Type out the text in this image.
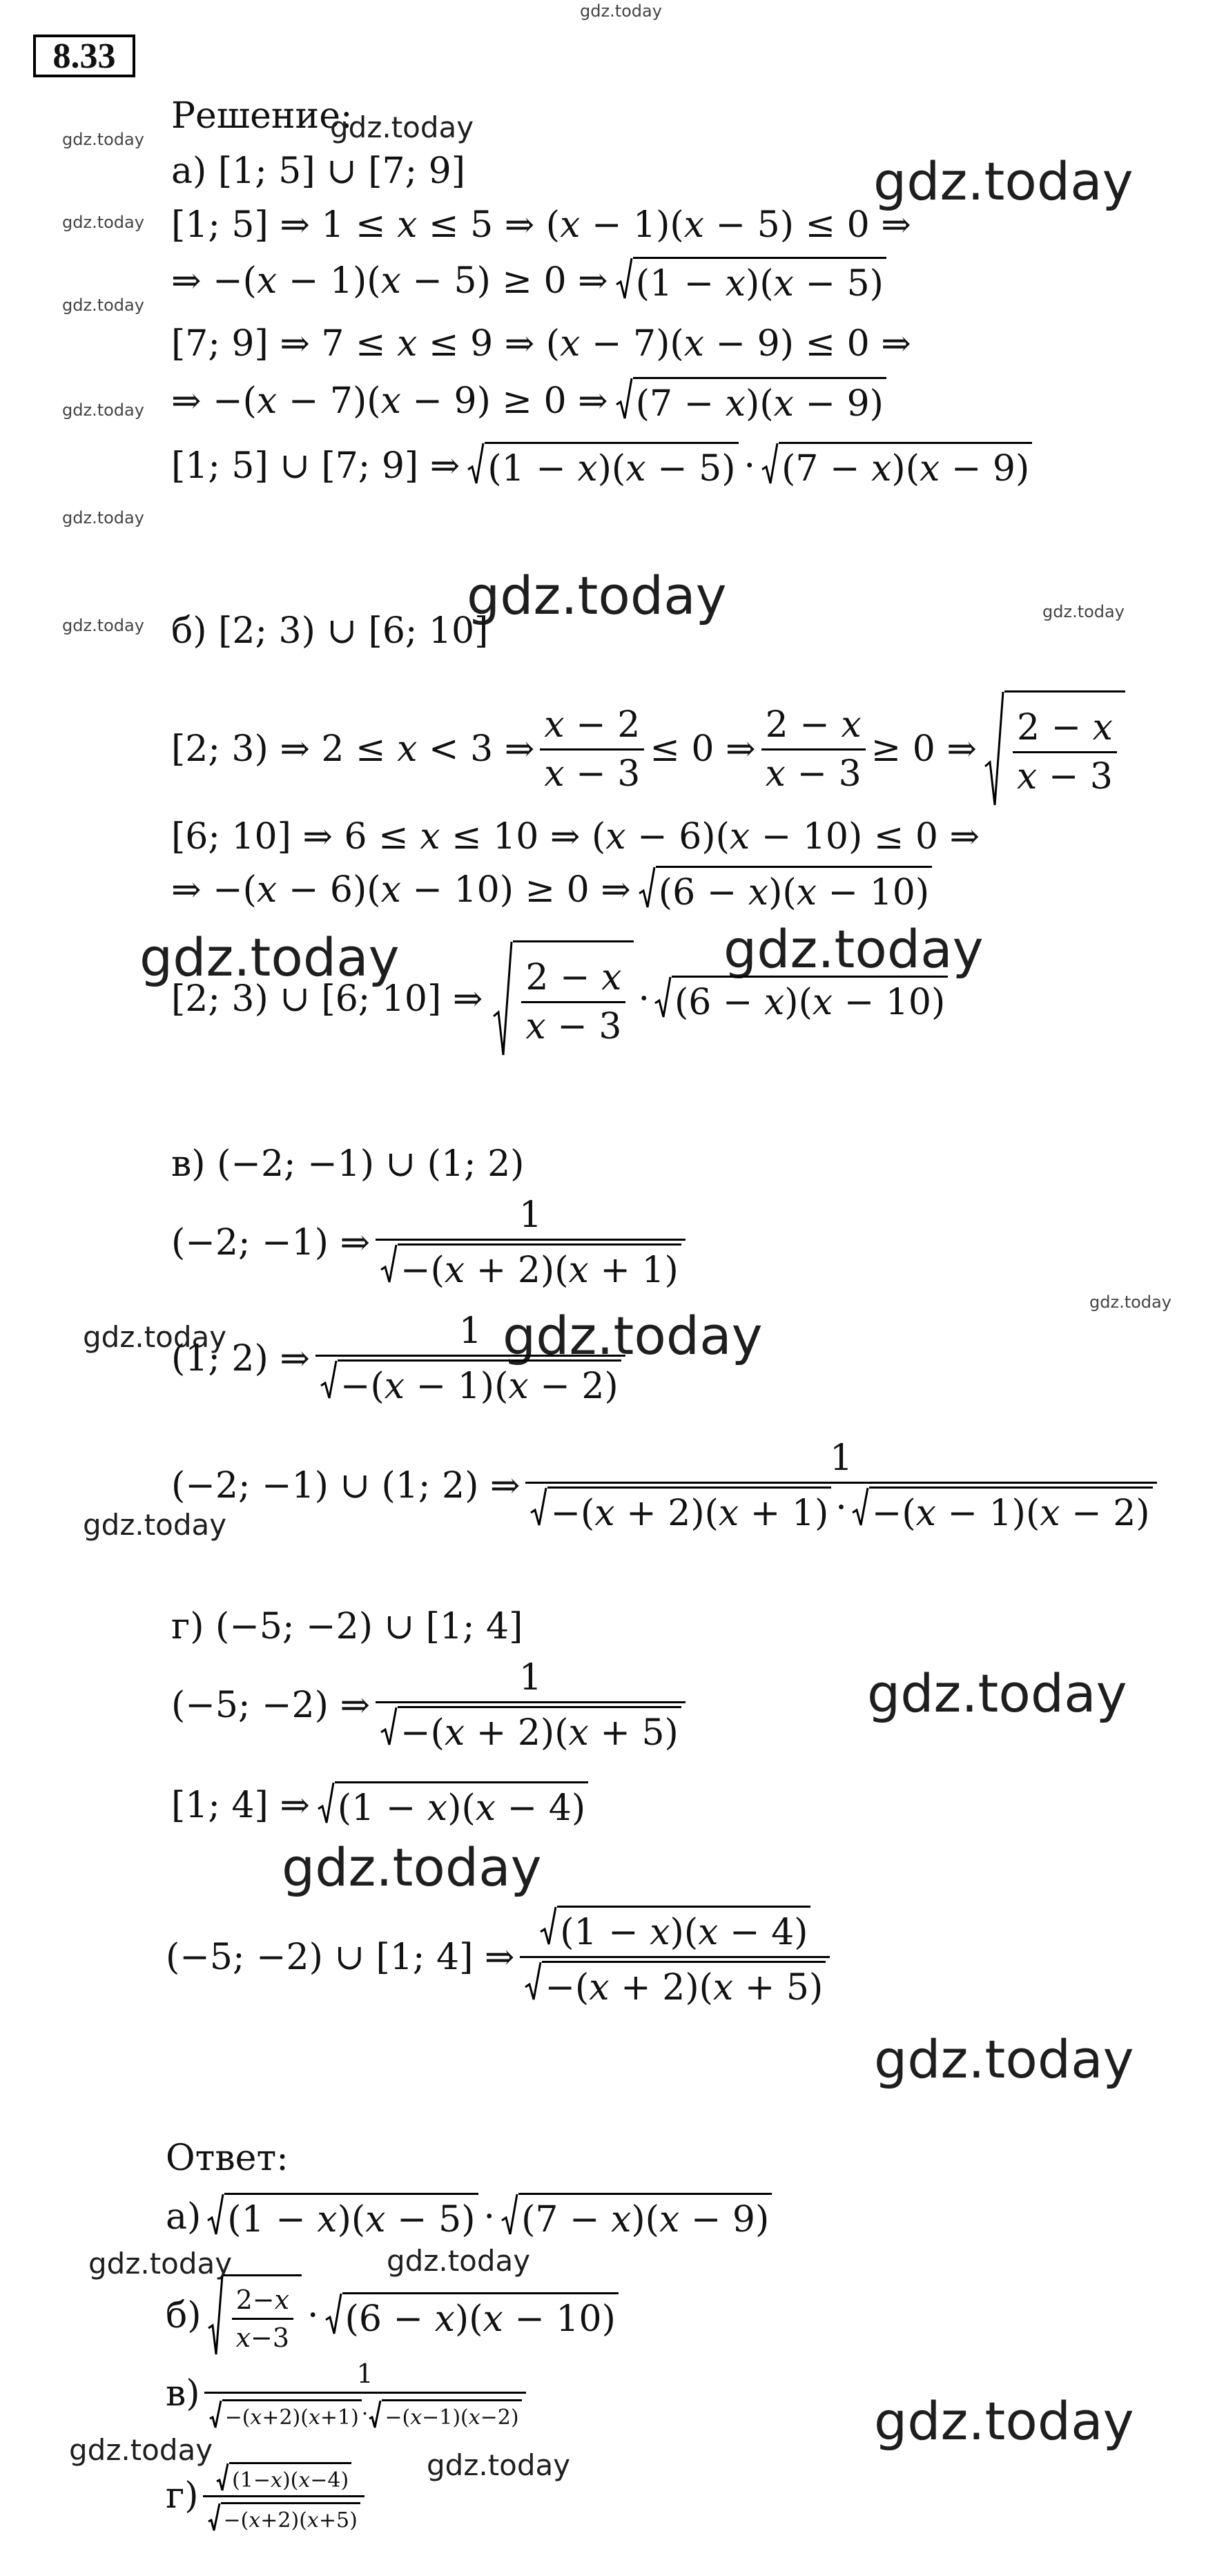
gdz.today
8.33
Решение:
gdz.today
gdz.today
gdz.today
gdz.today
gdz.today
gdz.today
gdz.today
gdz.today
а) [1; 5] ∪ [7; 9]
[1; 5] ⇒ 1 ≤ 𝑥 ≤ 5 ⇒ (𝑥 − 1)(𝑥 − 5) ≤ 0 ⇒
⇒ −(𝑥 − 1)(𝑥 − 5) ≥ 0 ⇒ (1 − 𝑥)(𝑥 − 5)
[7; 9] ⇒ 7 ≤ 𝑥 ≤ 9 ⇒ (𝑥 − 7)(𝑥 − 9) ≤ 0 ⇒
⇒ −(𝑥 − 7)(𝑥 − 9) ≥ 0 ⇒ (7 − 𝑥)(𝑥 − 9)
[1; 5] ∪ [7; 9] ⇒ (1 − 𝑥)(𝑥 − 5) · (7 − 𝑥)(𝑥 − 9)
gdz.today	gdz.today
б) [2; 3) ∪ [6; 10]
[2; 3) ⇒ 2 ≤ 𝑥 < 3 ⇒ $\frac{\text{𝑥 − 2}}{\text{𝑥 − 3}} \le 0$ ⇒ $\frac{\text{2 − 𝑥}}{\text{𝑥 − 3}} \ge 0$ ⇒ $\frac{\text{2 − 𝑥}}{\text{𝑥 − 3}}$
[6; 10] ⇒ 6 ≤ 𝑥 ≤ 10 ⇒ (𝑥 − 6)(𝑥 − 10) ≤ 0 ⇒
⇒ −(𝑥 − 6)(𝑥 − 10) ≥ 0 ⇒ (6 − 𝑥)(𝑥 − 10)
gdz.today	gdz.today
[2; 3) ∪ [6; 10] ⇒ $\frac{\text{2 − 𝑥}}{\text{𝑥 − 3}} \cdot (6$ − 𝑥)(𝑥 − 10)
в) (−2; −1) ∪ (1; 2)
(−2; −1) ⇒ $\frac{1}{\text{−(𝑥 + 2)(𝑥 + 1)}}$
gdz.today
gdz.today	gdz.today
(1; 2) ⇒ $\frac{1}{\text{−(𝑥 − 1)(𝑥 − 2)}}$
(−2; −1) ∪ (1; 2) ⇒ $\frac{1}{\text{−(𝑥 + 2)(𝑥 + 1) · −(𝑥 − 1)(𝑥 − 2)}}$
gdz.today
г) (−5; −2) ∪ [1; 4]
gdz.today
(−5; −2) ⇒ $\frac{1}{\text{−(𝑥 + 2)(𝑥 + 5)}}$
[1; 4] ⇒ (1 − 𝑥)(𝑥 − 4)
gdz.today
(−5; −2) ∪ [1; 4] ⇒ $\frac{\text{(1 − 𝑥)(𝑥 − 4)}}{\text{−(𝑥 + 2)(𝑥 + 5)}}$
gdz.today
Ответ:
а) (1 − 𝑥)(𝑥 − 5) · (7 − 𝑥)(𝑥 − 9)
gdz.today	gdz.today
$б) \frac{\text{2−𝑥}}{\text{𝑥−3}} \cdot (6$ − 𝑥)(𝑥 − 10)
$в) \frac{1}{\text{−(𝑥+2)(𝑥+1) · −(𝑥−1)(𝑥−2)}}$	gdz.today
gdz.today	gdz.today
$г) \frac{\text{(1−𝑥)(𝑥−4)}}{\text{−(𝑥+2)(𝑥+5)}}$
